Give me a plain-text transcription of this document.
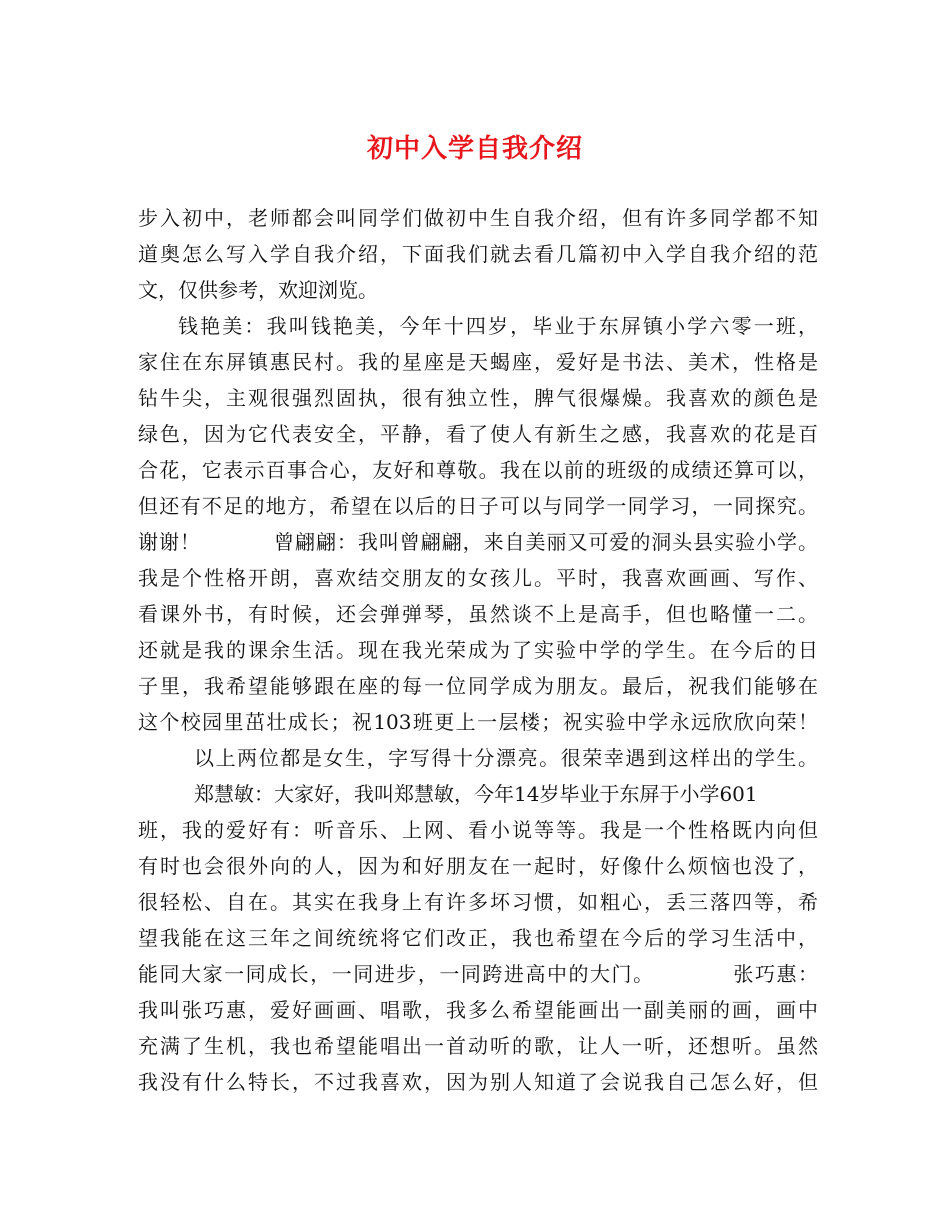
初中入学自我介绍
步入初中，老师都会叫同学们做初中生自我介绍，但有许多同学都不知
道奥怎么写入学自我介绍，下面我们就去看几篇初中入学自我介绍的范
文，仅供参考，欢迎浏览。
钱艳美：我叫钱艳美，今年十四岁，毕业于东屏镇小学六零一班，
家住在东屏镇惠民村。我的星座是天蝎座，爱好是书法、美术，性格是
钻牛尖，主观很强烈固执，很有独立性，脾气很爆燥。我喜欢的颜色是
绿色，因为它代表安全，平静，看了使人有新生之感，我喜欢的花是百
合花，它表示百事合心，友好和尊敬。我在以前的班级的成绩还算可以，
但还有不足的地方，希望在以后的日子可以与同学一同学习，一同探究。
谢谢！          曾翩翩：我叫曾翩翩，来自美丽又可爱的洞头县实验小学。
我是个性格开朗，喜欢结交朋友的女孩儿。平时，我喜欢画画、写作、
看课外书，有时候，还会弹弹琴，虽然谈不上是高手，但也略懂一二。
还就是我的课余生活。现在我光荣成为了实验中学的学生。在今后的日
子里，我希望能够跟在座的每一位同学成为朋友。最后，祝我们能够在
这个校园里茁壮成长；祝103班更上一层楼；祝实验中学永远欣欣向荣！
以上两位都是女生，字写得十分漂亮。很荣幸遇到这样出的学生。
郑慧敏：大家好，我叫郑慧敏，今年14岁毕业于东屏于小学601
班，我的爱好有：听音乐、上网、看小说等等。我是一个性格既内向但
有时也会很外向的人，因为和好朋友在一起时，好像什么烦恼也没了，
很轻松、自在。其实在我身上有许多坏习惯，如粗心，丢三落四等，希
望我能在这三年之间统统将它们改正，我也希望在今后的学习生活中，
能同大家一同成长，一同进步，一同跨进高中的大门。          张巧惠：
我叫张巧惠，爱好画画、唱歌，我多么希望能画出一副美丽的画，画中
充满了生机，我也希望能唱出一首动听的歌，让人一听，还想听。虽然
我没有什么特长，不过我喜欢，因为别人知道了会说我自己怎么好，但
